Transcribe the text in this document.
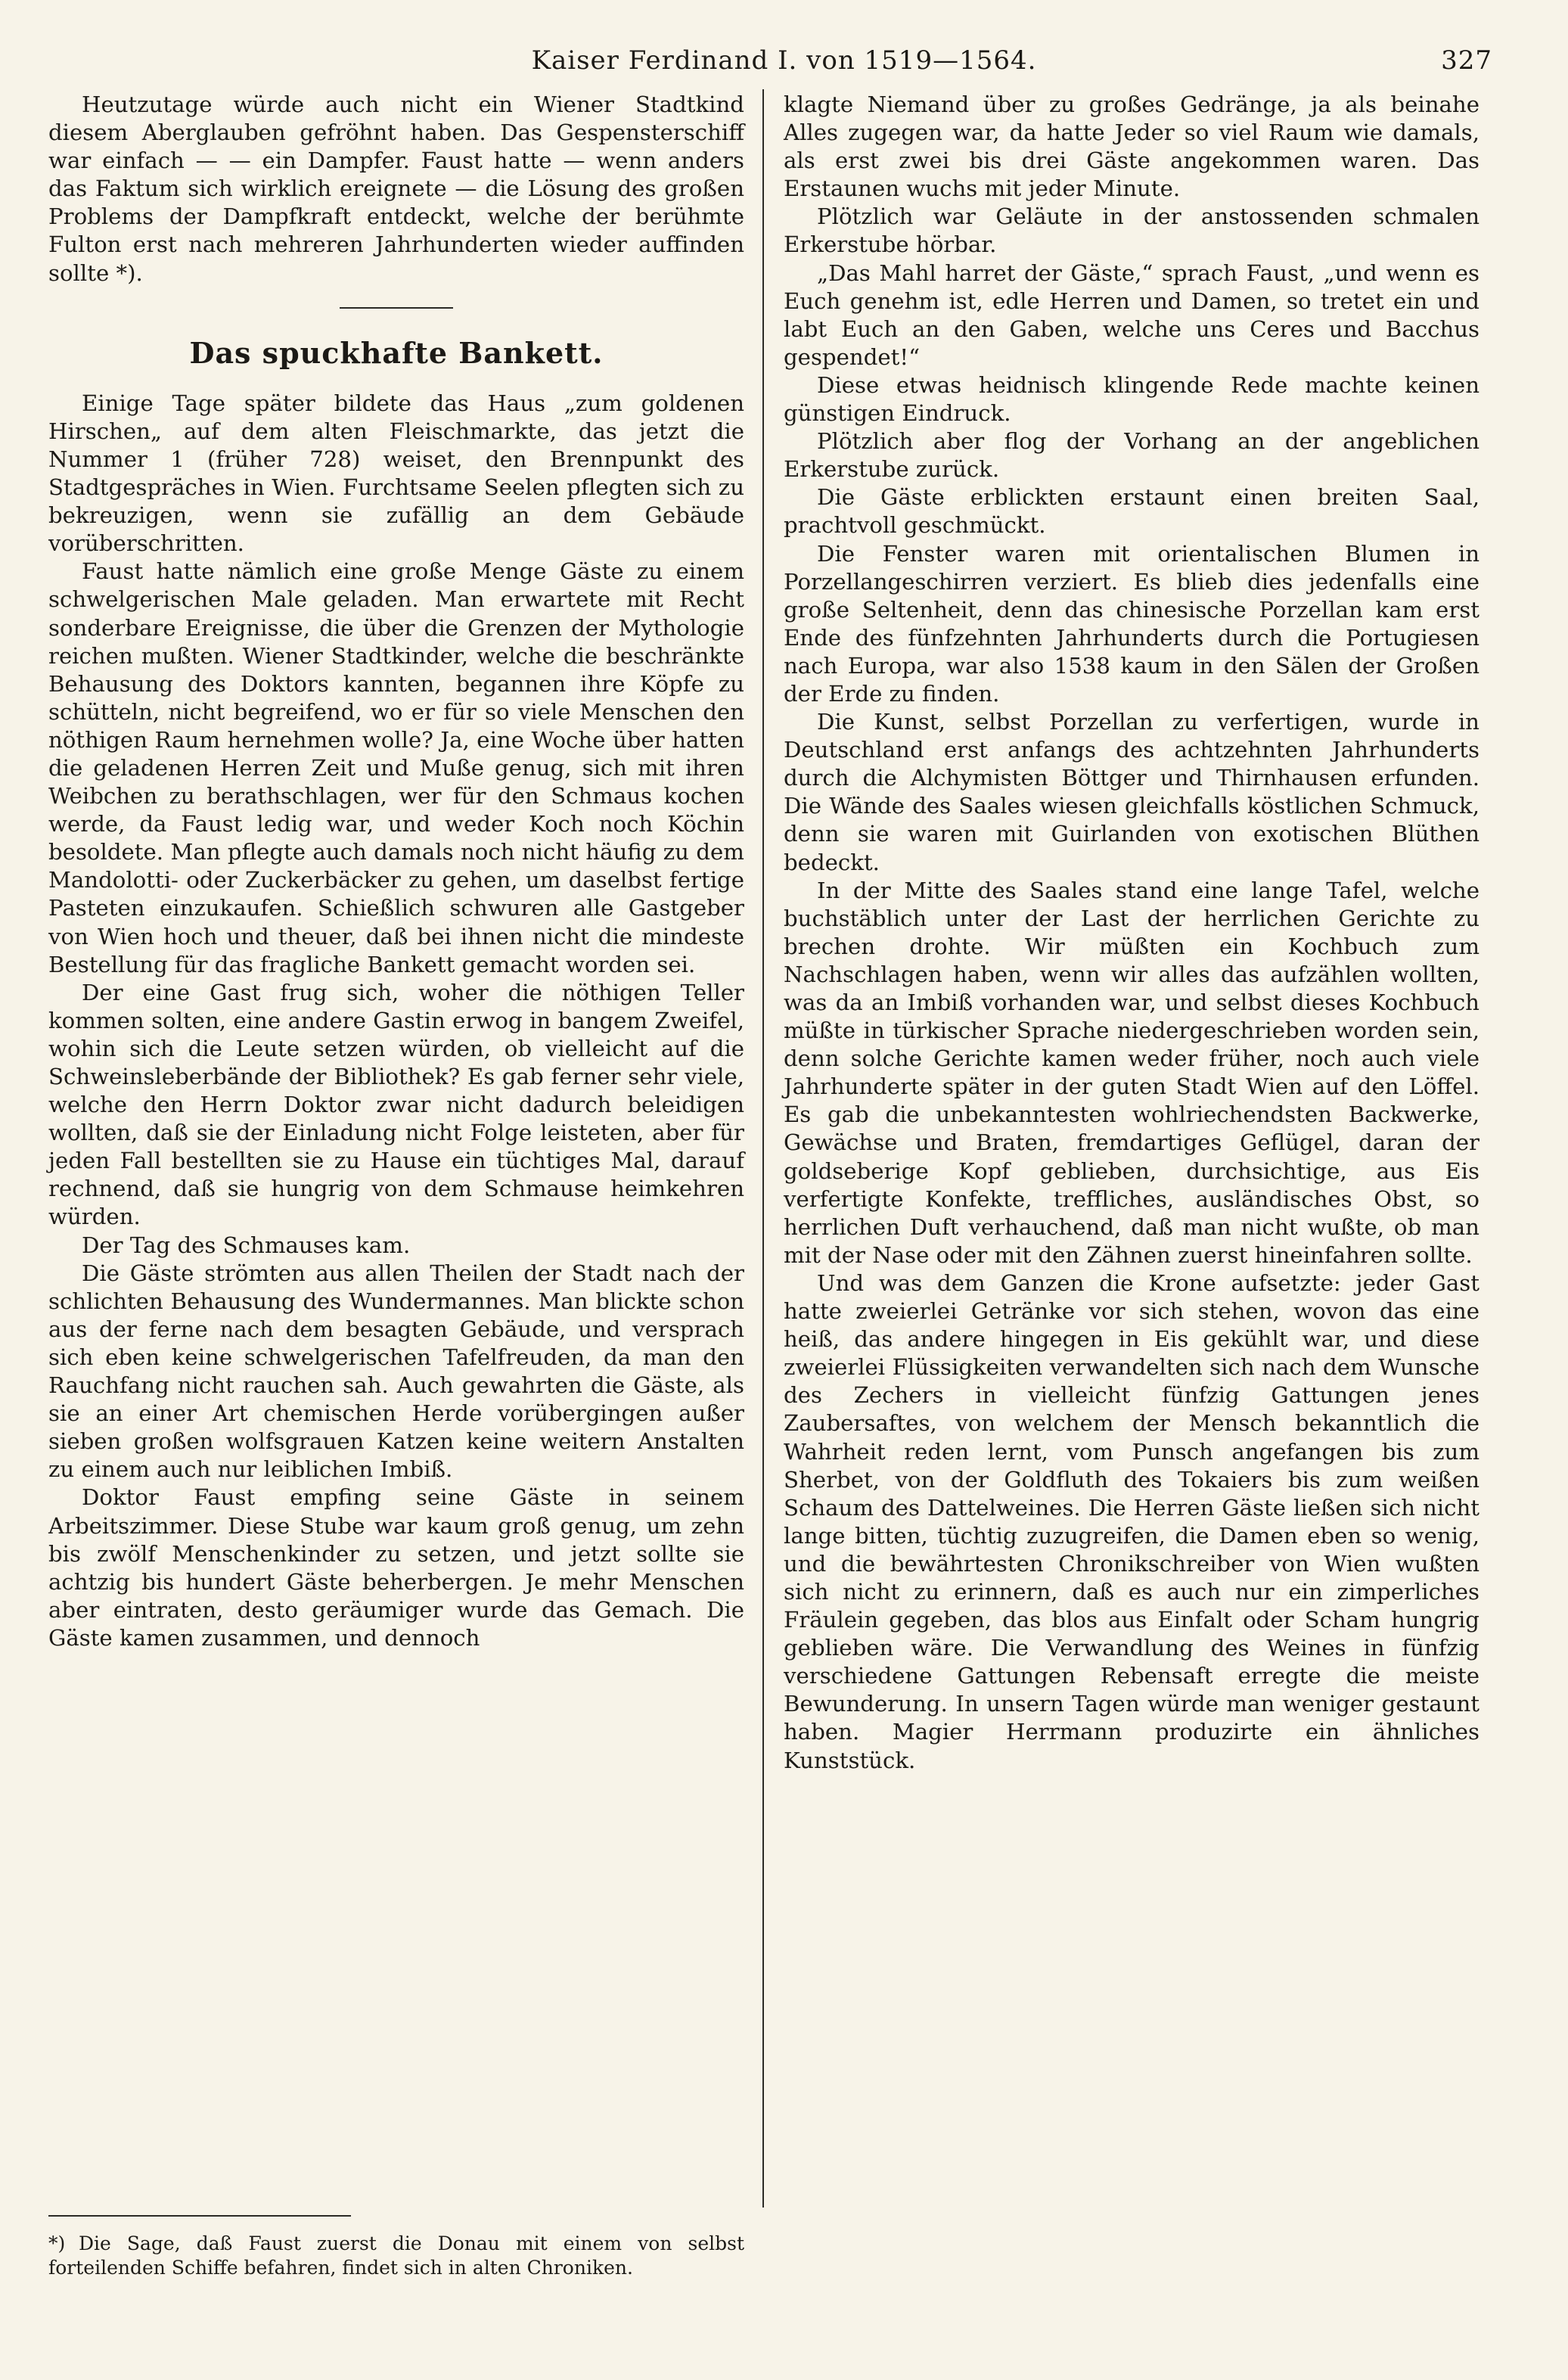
Kaiser Ferdinand I. von 1519—1564.	327

Heutzutage würde auch nicht ein Wiener Stadtkind diesem Aberglauben gefröhnt haben. Das Gespensterschiff war einfach — — ein Dampfer. Faust hatte — wenn anders das Faktum sich wirklich ereignete — die Lösung des großen Problems der Dampfkraft entdeckt, welche der berühmte Fulton erst nach mehreren Jahrhunderten wieder auffinden sollte *).

Das spuckhafte Bankett.

Einige Tage später bildete das Haus „zum goldenen Hirschen„ auf dem alten Fleischmarkte, das jetzt die Nummer 1 (früher 728) weiset, den Brennpunkt des Stadtgespräches in Wien. Furchtsame Seelen pflegten sich zu bekreuzigen, wenn sie zufällig an dem Gebäude vorüberschritten.

Faust hatte nämlich eine große Menge Gäste zu einem schwelgerischen Male geladen. Man erwartete mit Recht sonderbare Ereignisse, die über die Grenzen der Mythologie reichen mußten. Wiener Stadtkinder, welche die beschränkte Behausung des Doktors kannten, begannen ihre Köpfe zu schütteln, nicht begreifend, wo er für so viele Menschen den nöthigen Raum hernehmen wolle? Ja, eine Woche über hatten die geladenen Herren Zeit und Muße genug, sich mit ihren Weibchen zu berathschlagen, wer für den Schmaus kochen werde, da Faust ledig war, und weder Koch noch Köchin besoldete. Man pflegte auch damals noch nicht häufig zu dem Mandolotti- oder Zuckerbäcker zu gehen, um daselbst fertige Pasteten einzukaufen. Schießlich schwuren alle Gastgeber von Wien hoch und theuer, daß bei ihnen nicht die mindeste Bestellung für das fragliche Bankett gemacht worden sei.

Der eine Gast frug sich, woher die nöthigen Teller kommen solten, eine andere Gastin erwog in bangem Zweifel, wohin sich die Leute setzen würden, ob vielleicht auf die Schweinsleberbände der Bibliothek? Es gab ferner sehr viele, welche den Herrn Doktor zwar nicht dadurch beleidigen wollten, daß sie der Einladung nicht Folge leisteten, aber für jeden Fall bestellten sie zu Hause ein tüchtiges Mal, darauf rechnend, daß sie hungrig von dem Schmause heimkehren würden.

Der Tag des Schmauses kam.

Die Gäste strömten aus allen Theilen der Stadt nach der schlichten Behausung des Wundermannes. Man blickte schon aus der ferne nach dem besagten Gebäude, und versprach sich eben keine schwelgerischen Tafelfreuden, da man den Rauchfang nicht rauchen sah. Auch gewahrten die Gäste, als sie an einer Art chemischen Herde vorübergingen außer sieben großen wolfsgrauen Katzen keine weitern Anstalten zu einem auch nur leiblichen Imbiß.

Doktor Faust empfing seine Gäste in seinem Arbeitszimmer. Diese Stube war kaum groß genug, um zehn bis zwölf Menschenkinder zu setzen, und jetzt sollte sie achtzig bis hundert Gäste beherbergen. Je mehr Menschen aber eintraten, desto geräumiger wurde das Gemach. Die Gäste kamen zusammen, und dennoch

*) Die Sage, daß Faust zuerst die Donau mit einem von selbst forteilenden Schiffe befahren, findet sich in alten Chroniken.

klagte Niemand über zu großes Gedränge, ja als beinahe Alles zugegen war, da hatte Jeder so viel Raum wie damals, als erst zwei bis drei Gäste angekommen waren. Das Erstaunen wuchs mit jeder Minute.

Plötzlich war Geläute in der anstossenden schmalen Erkerstube hörbar.

„Das Mahl harret der Gäste,“ sprach Faust, „und wenn es Euch genehm ist, edle Herren und Damen, so tretet ein und labt Euch an den Gaben, welche uns Ceres und Bacchus gespendet!“

Diese etwas heidnisch klingende Rede machte keinen günstigen Eindruck.

Plötzlich aber flog der Vorhang an der angeblichen Erkerstube zurück.

Die Gäste erblickten erstaunt einen breiten Saal, prachtvoll geschmückt.

Die Fenster waren mit orientalischen Blumen in Porzellangeschirren verziert. Es blieb dies jedenfalls eine große Seltenheit, denn das chinesische Porzellan kam erst Ende des fünfzehnten Jahrhunderts durch die Portugiesen nach Europa, war also 1538 kaum in den Sälen der Großen der Erde zu finden.

Die Kunst, selbst Porzellan zu verfertigen, wurde in Deutschland erst anfangs des achtzehnten Jahrhunderts durch die Alchymisten Böttger und Thirnhausen erfunden. Die Wände des Saales wiesen gleichfalls köstlichen Schmuck, denn sie waren mit Guirlanden von exotischen Blüthen bedeckt.

In der Mitte des Saales stand eine lange Tafel, welche buchstäblich unter der Last der herrlichen Gerichte zu brechen drohte. Wir müßten ein Kochbuch zum Nachschlagen haben, wenn wir alles das aufzählen wollten, was da an Imbiß vorhanden war, und selbst dieses Kochbuch müßte in türkischer Sprache niedergeschrieben worden sein, denn solche Gerichte kamen weder früher, noch auch viele Jahrhunderte später in der guten Stadt Wien auf den Löffel. Es gab die unbekanntesten wohlriechendsten Backwerke, Gewächse und Braten, fremdartiges Geflügel, daran der goldseberige Kopf geblieben, durchsichtige, aus Eis verfertigte Konfekte, treffliches, ausländisches Obst, so herrlichen Duft verhauchend, daß man nicht wußte, ob man mit der Nase oder mit den Zähnen zuerst hineinfahren sollte.

Und was dem Ganzen die Krone aufsetzte: jeder Gast hatte zweierlei Getränke vor sich stehen, wovon das eine heiß, das andere hingegen in Eis gekühlt war, und diese zweierlei Flüssigkeiten verwandelten sich nach dem Wunsche des Zechers in vielleicht fünfzig Gattungen jenes Zaubersaftes, von welchem der Mensch bekanntlich die Wahrheit reden lernt, vom Punsch angefangen bis zum Sherbet, von der Goldfluth des Tokaiers bis zum weißen Schaum des Dattelweines. Die Herren Gäste ließen sich nicht lange bitten, tüchtig zuzugreifen, die Damen eben so wenig, und die bewährtesten Chronikschreiber von Wien wußten sich nicht zu erinnern, daß es auch nur ein zimperliches Fräulein gegeben, das blos aus Einfalt oder Scham hungrig geblieben wäre. Die Verwandlung des Weines in fünfzig verschiedene Gattungen Rebensaft erregte die meiste Bewunderung. In unsern Tagen würde man weniger gestaunt haben. Magier Herrmann produzirte ein ähnliches Kunststück.
